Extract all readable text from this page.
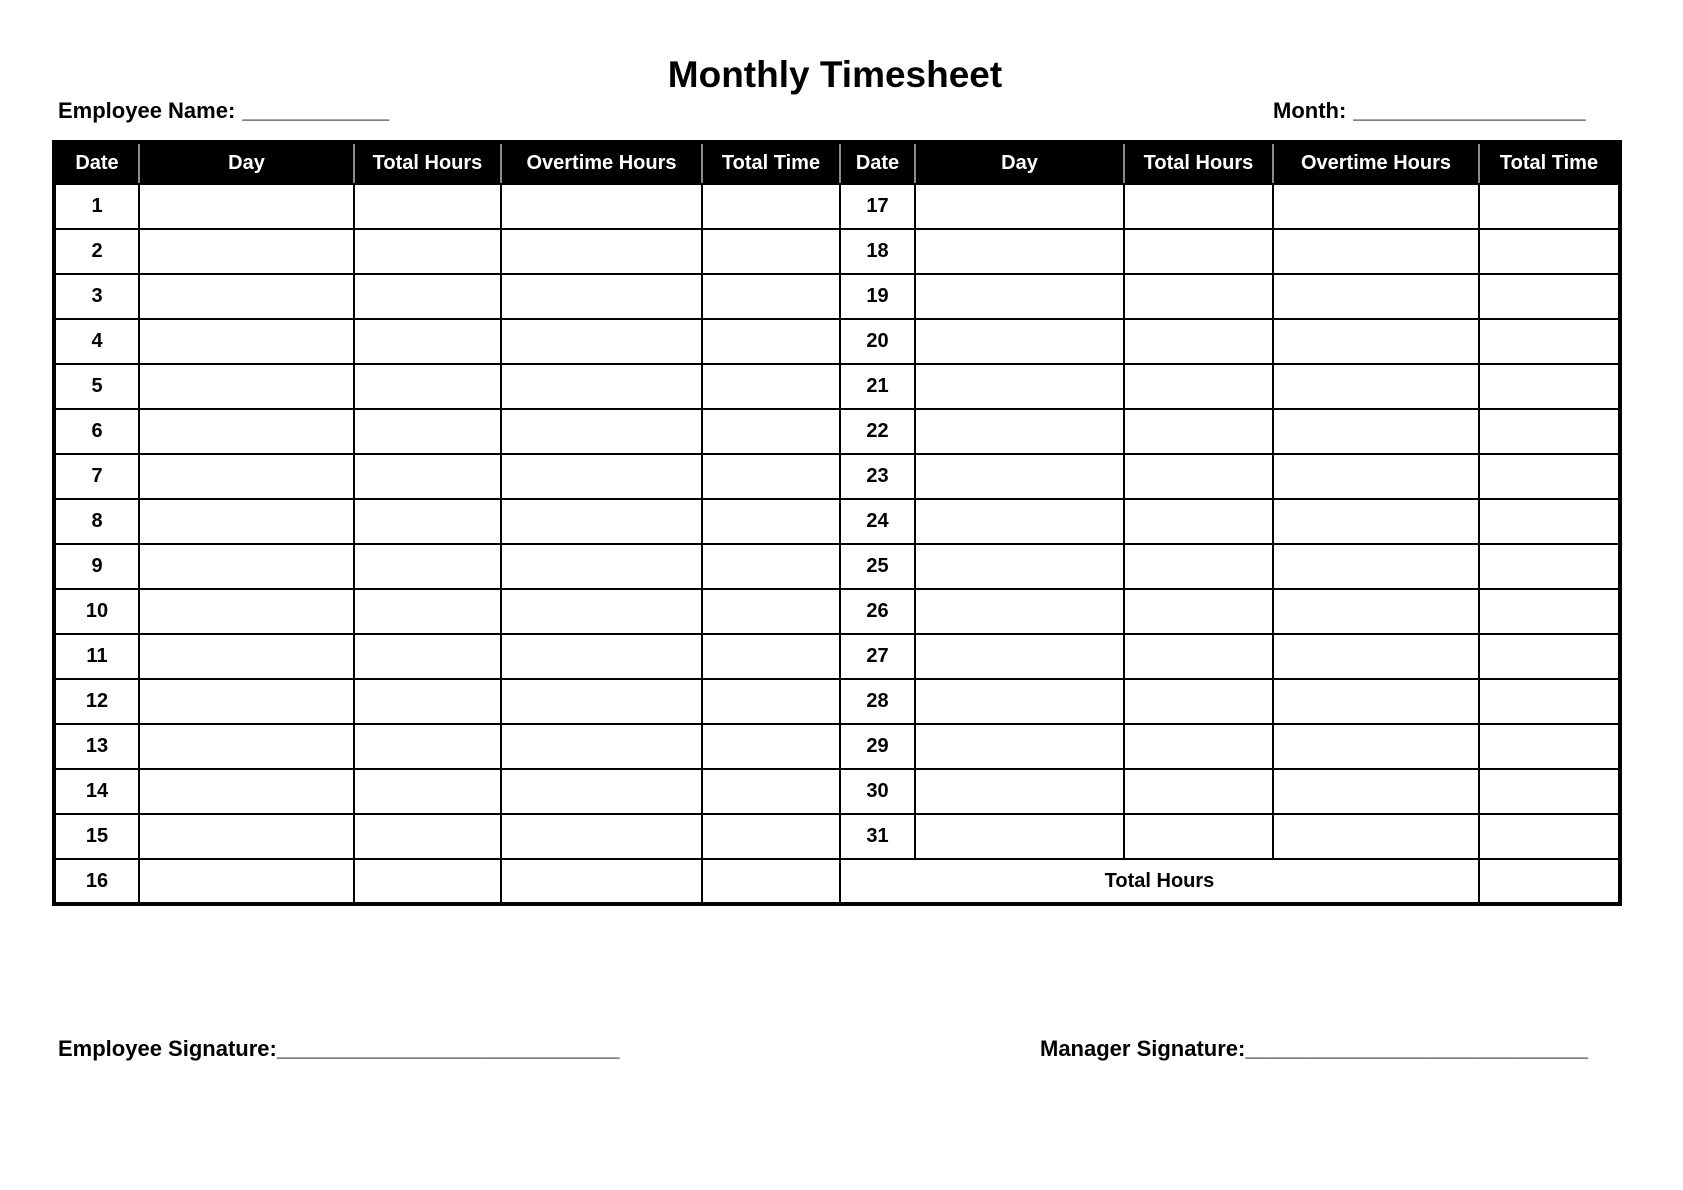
Monthly Timesheet
Employee Name: ____________	Month: ___________________
Date	Day	Total Hours	Overtime Hours	Total Time	Date	Day	Total Hours	Overtime Hours	Total Time
1					17				
2					18				
3					19				
4					20				
5					21				
6					22				
7					23				
8					24				
9					25				
10					26				
11					27				
12					28				
13					29				
14					30				
15					31				
16					Total Hours				
Employee Signature:____________________________	Manager Signature:____________________________
